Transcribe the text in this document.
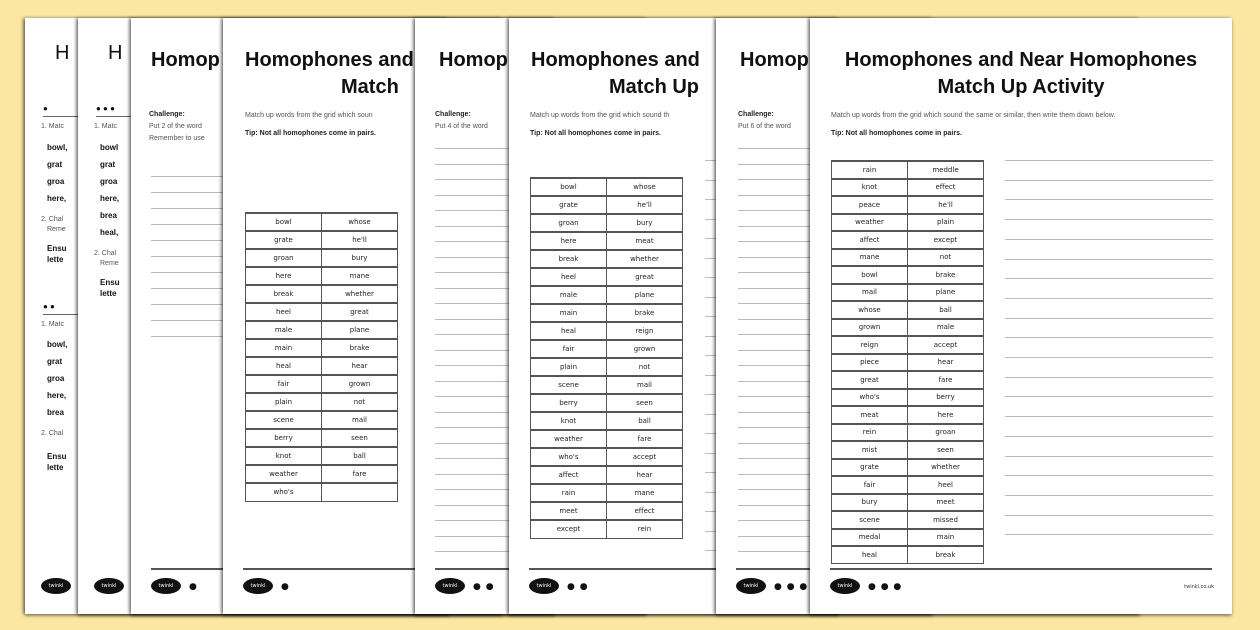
H
●
1. Matc
bowl,
grat
groa
here,
2. Chal
Reme
Ensu
lette
● ●
1. Matc
bowl,
grat
groa
here,
brea
2. Chal
Ensu
lette
twinkl
H
● ● ●
1. Matc
bowl
grat
groa
here,
brea
heal,
2. Chal
Reme
Ensu
lette
twinkl
Homop
Challenge:
Put 2 of the word
Remember to use
twinkl	●
Homophones and
Match
Match up words from the grid which soun
Tip: Not all homophones come in pairs.
bowl	whose
grate	he'll
groan	bury
here	mane
break	whether
heel	great
male	plane
main	brake
heal	hear
fair	grown
plain	not
scene	mail
berry	seen
knot	ball
weather	fare
who's	
twinkl	●
Homop
Challenge:
Put 4 of the word
twinkl	● ●
Homophones and
Match Up
Match up words from the grid which sound th
Tip: Not all homophones come in pairs.
bowl	whose
grate	he'll
groan	bury
here	meat
break	whether
heel	great
male	plane
main	brake
heal	reign
fair	grown
plain	not
scene	mail
berry	seen
knot	ball
weather	fare
who's	accept
affect	hear
rain	mane
meet	effect
except	rein
twinkl	● ●
Homop
Challenge:
Put 6 of the word
twinkl	● ● ●
Homophones and Near Homophones
Match Up Activity
Match up words from the grid which sound the same or similar, then write them down below.
Tip: Not all homophones come in pairs.
rain	meddle
knot	effect
peace	he'll
weather	plain
affect	except
mane	not
bowl	brake
mail	plane
whose	ball
grown	male
reign	accept
piece	hear
great	fare
who's	berry
meat	here
rein	groan
mist	seen
grate	whether
fair	heel
bury	meet
scene	missed
medal	main
heal	break
twinkl	● ● ●	twinkl.co.uk
